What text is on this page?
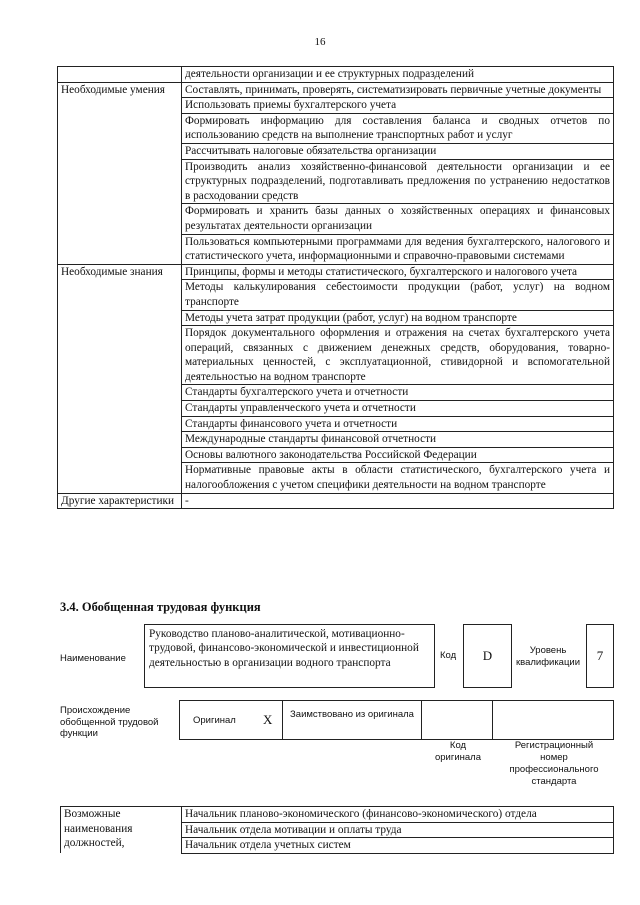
16
	деятельности организации и ее структурных подразделений
Необходимые умения	Составлять, принимать, проверять, систематизировать первичные учетные документы
	Использовать приемы бухгалтерского учета
	Формировать информацию для составления баланса и сводных отчетов по использованию средств на выполнение транспортных работ и услуг
	Рассчитывать налоговые обязательства организации
	Производить анализ хозяйственно-финансовой деятельности организации и ее структурных подразделений, подготавливать предложения по устранению недостатков в расходовании средств
	Формировать и хранить базы данных о хозяйственных операциях и финансовых результатах деятельности организации
	Пользоваться компьютерными программами для ведения бухгалтерского, налогового и статистического учета, информационными и справочно-правовыми системами
Необходимые знания	Принципы, формы и методы статистического, бухгалтерского и налогового учета
	Методы калькулирования себестоимости продукции (работ, услуг) на водном транспорте
	Методы учета затрат продукции (работ, услуг) на водном транспорте
	Порядок документального оформления и отражения на счетах бухгалтерского учета операций, связанных с движением денежных средств, оборудования, товарно-материальных ценностей, с эксплуатационной, стивидорной и вспомогательной деятельностью на водном транспорте
	Стандарты бухгалтерского учета и отчетности
	Стандарты управленческого учета и отчетности
	Стандарты финансового учета и отчетности
	Международные стандарты финансовой отчетности
	Основы валютного законодательства Российской Федерации
	Нормативные правовые акты в области статистического, бухгалтерского учета и налогообложения с учетом специфики деятельности на водном транспорте
Другие характеристики	-
3.4. Обобщенная трудовая функция
Наименование
Руководство планово-аналитической, мотивационно-трудовой, финансово-экономической и инвестиционной деятельностью в организации водного транспорта
Код	D	Уровень квалификации	7
Происхождение обобщенной трудовой функции
Оригинал X	Заимствовано из оригинала
Код оригинала
Регистрационный номер профессионального стандарта
Возможные наименования должностей,	Начальник планово-экономического (финансово-экономического) отдела
Начальник отдела мотивации и оплаты труда
Начальник отдела учетных систем
